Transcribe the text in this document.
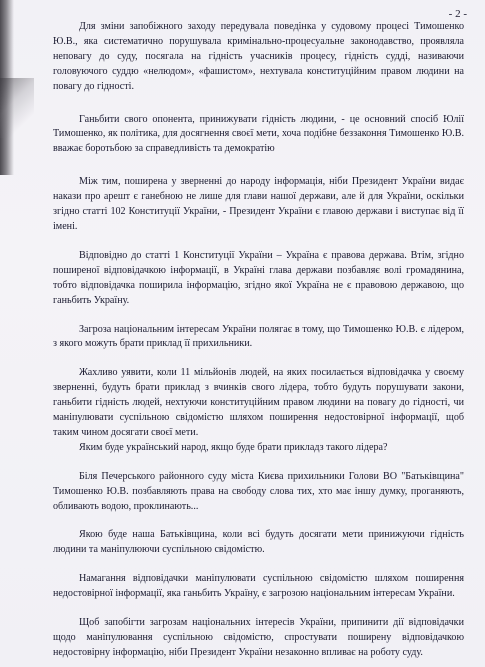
- 2 -

Для зміни запобіжного заходу передувала поведінка у судовому процесі Тимошенко Ю.В., яка систематично порушувала кримінально-процесуальне законодавство, проявляла неповагу до суду, посягала на гідність учасників процесу, гідність судді, називаючи головуючого суддю «нелюдом», «фашистом», нехтувала конституційним правом людини на повагу до гідності.

Ганьбити свого опонента, принижувати гідність людини, - це основний спосіб Юлії Тимошенко, як політика, для досягнення своєї мети, хоча подібне беззаконня Тимошенко Ю.В. вважає боротьбою за справедливість та демократію

Між тим, поширена у зверненні до народу інформація, ніби Президент України видає накази про арешт є ганебною не лише для глави нашої держави, але й для України, оскільки згідно статті 102 Конституції України, - Президент України є главою держави і виступає від її імені.

Відповідно до статті 1 Конституції України – Україна є правова держава. Втім, згідно поширеної відповідачкою інформації, в Україні глава держави позбавляє волі громадянина, тобто відповідачка поширила інформацію, згідно якої Україна не є правовою державою, що ганьбить Україну.

Загроза національним інтересам України полягає в тому, що Тимошенко Ю.В. є лідером, з якого можуть брати приклад її прихильники.

Жахливо уявити, коли 11 мільйонів людей, на яких посилається відповідачка у своєму зверненні, будуть брати приклад з вчинків свого лідера, тобто будуть порушувати закони, ганьбити гідність людей, нехтуючи конституційним правом людини на повагу до гідності, чи маніпулювати суспільною свідомістю шляхом поширення недостовірної інформації, щоб таким чином досягати своєї мети.

Яким буде український народ, якщо буде брати прикладз такого лідера?

Біля Печерського районного суду міста Києва прихильники Голови ВО "Батьківщина" Тимошенко Ю.В. позбавляють права на свободу слова тих, хто має іншу думку, проганяють, обливають водою, проклинають...

Якою буде наша Батьківщина, коли всі будуть досягати мети принижуючи гідність людини та маніпулюючи суспільною свідомістю.

Намагання відповідачки маніпулювати суспільною свідомістю шляхом поширення недостовірної інформації, яка ганьбить Україну, є загрозою національним інтересам України.

Щоб запобігти загрозам національних інтересів України, припинити дії відповідачки щодо маніпулювання суспільною свідомістю, спростувати поширену відповідачкою недостовірну інформацію, ніби Президент України незаконно впливає на роботу суду.
